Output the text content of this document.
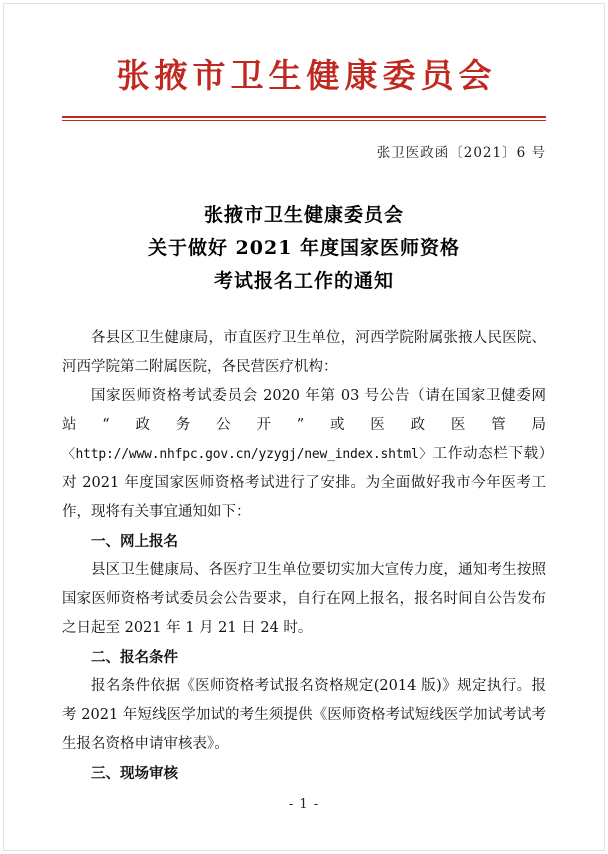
张掖市卫生健康委员会
张卫医政函〔2021〕6 号
张掖市卫生健康委员会
关于做好 2021 年度国家医师资格
考试报名工作的通知

各县区卫生健康局，市直医疗卫生单位，河西学院附属张掖人民医院、河西学院第二附属医院，各民营医疗机构：

国家医师资格考试委员会 2020 年第 03 号公告（请在国家卫健委网站“政务公开”或医政医管局〈http://www.nhfpc.gov.cn/yzygj/new_index.shtml〉工作动态栏下载）对 2021 年度国家医师资格考试进行了安排。为全面做好我市今年医考工作，现将有关事宜通知如下：

一、网上报名

县区卫生健康局、各医疗卫生单位要切实加大宣传力度，通知考生按照国家医师资格考试委员会公告要求，自行在网上报名，报名时间自公告发布之日起至 2021 年 1 月 21 日 24 时。

二、报名条件

报名条件依据《医师资格考试报名资格规定(2014 版)》规定执行。报考 2021 年短线医学加试的考生须提供《医师资格考试短线医学加试考试考生报名资格申请审核表》。

三、现场审核

- 1 -
